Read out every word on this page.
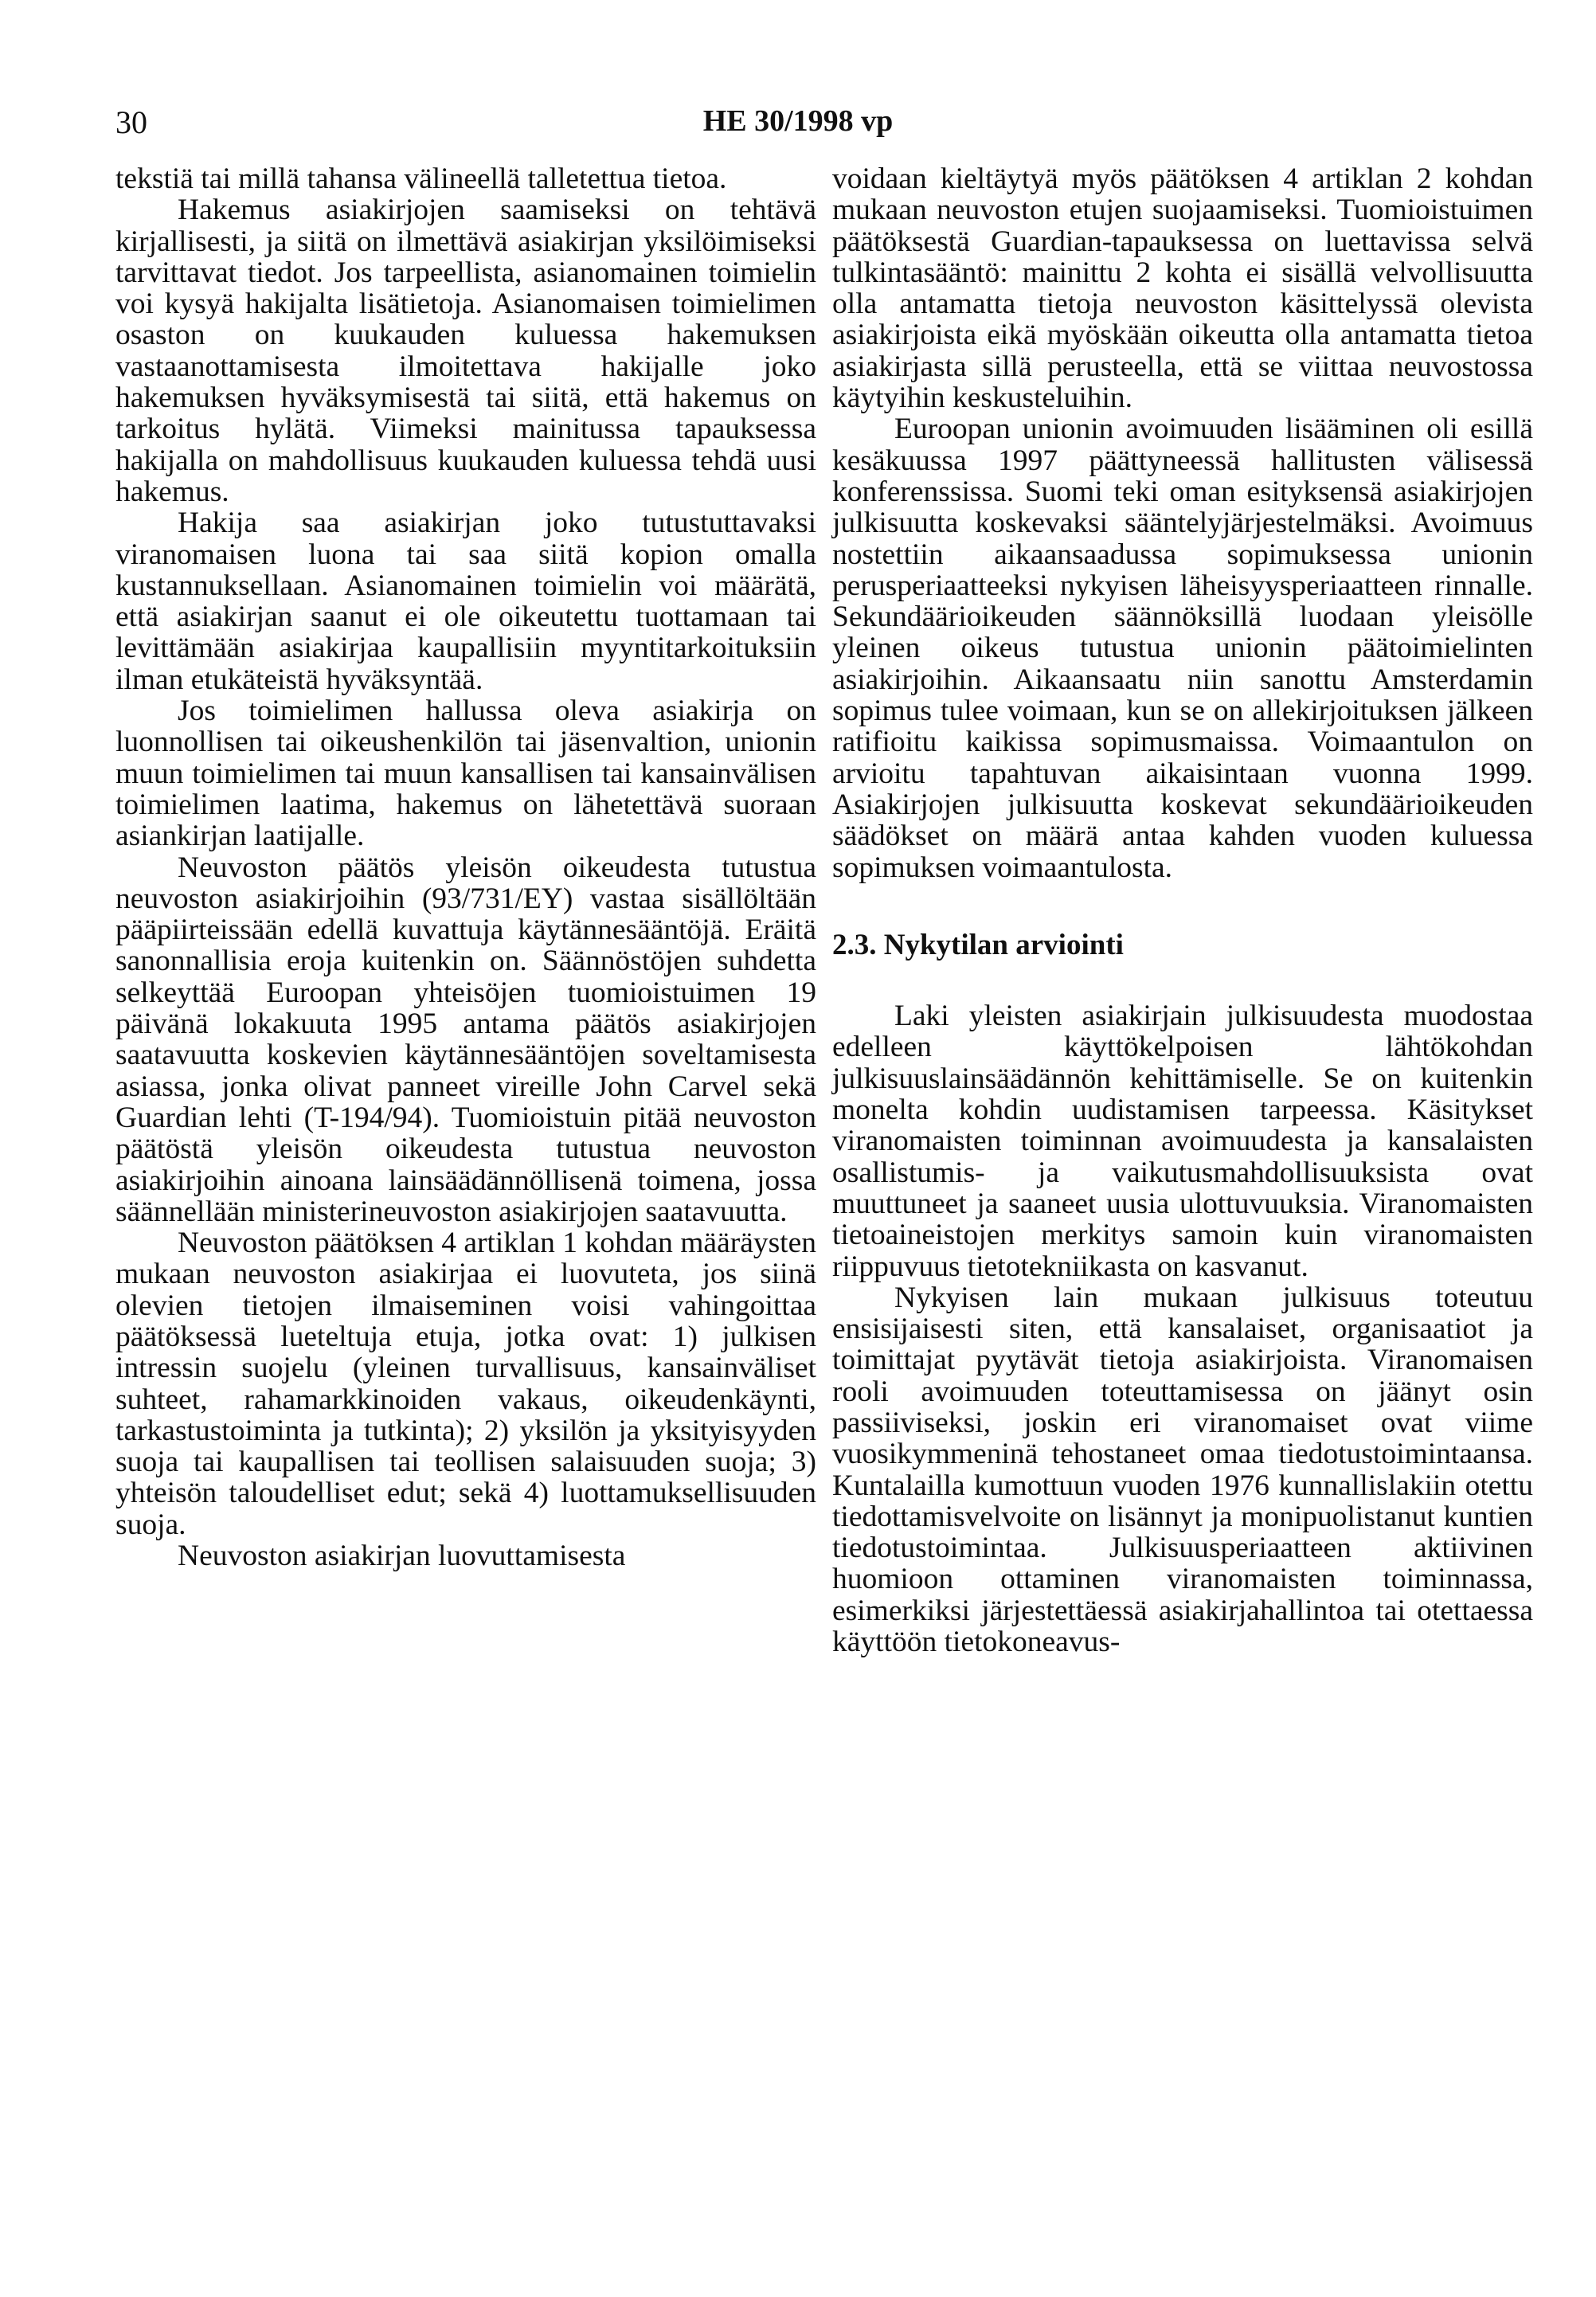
30	HE 30/1998 vp

tekstiä tai millä tahansa välineellä talletettua tietoa.

Hakemus asiakirjojen saamiseksi on tehtävä kirjallisesti, ja siitä on ilmettävä asiakirjan yksilöimiseksi tarvittavat tiedot. Jos tarpeellista, asianomainen toimielin voi kysyä hakijalta lisätietoja. Asianomaisen toimielimen osaston on kuukauden kuluessa hakemuksen vastaanottamisesta ilmoitettava hakijalle joko hakemuksen hyväksymisestä tai siitä, että hakemus on tarkoitus hylätä. Viimeksi mainitussa tapauksessa hakijalla on mahdollisuus kuukauden kuluessa tehdä uusi hakemus.

Hakija saa asiakirjan joko tutustuttavaksi viranomaisen luona tai saa siitä kopion omalla kustannuksellaan. Asianomainen toimielin voi määrätä, että asiakirjan saanut ei ole oikeutettu tuottamaan tai levittämään asiakirjaa kaupallisiin myyntitarkoituksiin ilman etukäteistä hyväksyntää.

Jos toimielimen hallussa oleva asiakirja on luonnollisen tai oikeushenkilön tai jäsenvaltion, unionin muun toimielimen tai muun kansallisen tai kansainvälisen toimielimen laatima, hakemus on lähetettävä suoraan asiankirjan laatijalle.

Neuvoston päätös yleisön oikeudesta tutustua neuvoston asiakirjoihin (93/731/EY) vastaa sisällöltään pääpiirteissään edellä kuvattuja käytännesääntöjä. Eräitä sanonnallisia eroja kuitenkin on. Säännöstöjen suhdetta selkeyttää Euroopan yhteisöjen tuomioistuimen 19 päivänä lokakuuta 1995 antama päätös asiakirjojen saatavuutta koskevien käytännesääntöjen soveltamisesta asiassa, jonka olivat panneet vireille John Carvel sekä Guardian lehti (T-194/94). Tuomioistuin pitää neuvoston päätöstä yleisön oikeudesta tutustua neuvoston asiakirjoihin ainoana lainsäädännöllisenä toimena, jossa säännellään ministerineuvoston asiakirjojen saatavuutta.

Neuvoston päätöksen 4 artiklan 1 kohdan määräysten mukaan neuvoston asiakirjaa ei luovuteta, jos siinä olevien tietojen ilmaiseminen voisi vahingoittaa päätöksessä lueteltuja etuja, jotka ovat: 1) julkisen intressin suojelu (yleinen turvallisuus, kansainväliset suhteet, rahamarkkinoiden vakaus, oikeudenkäynti, tarkastustoiminta ja tutkinta); 2) yksilön ja yksityisyyden suoja tai kaupallisen tai teollisen salaisuuden suoja; 3) yhteisön taloudelliset edut; sekä 4) luottamuksellisuuden suoja.

Neuvoston asiakirjan luovuttamisesta

voidaan kieltäytyä myös päätöksen 4 artiklan 2 kohdan mukaan neuvoston etujen suojaamiseksi. Tuomioistuimen päätöksestä Guardian-tapauksessa on luettavissa selvä tulkintasääntö: mainittu 2 kohta ei sisällä velvollisuutta olla antamatta tietoja neuvoston käsittelyssä olevista asiakirjoista eikä myöskään oikeutta olla antamatta tietoa asiakirjasta sillä perusteella, että se viittaa neuvostossa käytyihin keskusteluihin.

Euroopan unionin avoimuuden lisääminen oli esillä kesäkuussa 1997 päättyneessä hallitusten välisessä konferenssissa. Suomi teki oman esityksensä asiakirjojen julkisuutta koskevaksi sääntelyjärjestelmäksi. Avoimuus nostettiin aikaansaadussa sopimuksessa unionin perusperiaatteeksi nykyisen läheisyysperiaatteen rinnalle. Sekundäärioikeuden säännöksillä luodaan yleisölle yleinen oikeus tutustua unionin päätoimielinten asiakirjoihin. Aikaansaatu niin sanottu Amsterdamin sopimus tulee voimaan, kun se on allekirjoituksen jälkeen ratifioitu kaikissa sopimusmaissa. Voimaantulon on arvioitu tapahtuvan aikaisintaan vuonna 1999. Asiakirjojen julkisuutta koskevat sekundäärioikeuden säädökset on määrä antaa kahden vuoden kuluessa sopimuksen voimaantulosta.

2.3. Nykytilan arviointi

Laki yleisten asiakirjain julkisuudesta muodostaa edelleen käyttökelpoisen lähtökohdan julkisuuslainsäädännön kehittämiselle. Se on kuitenkin monelta kohdin uudistamisen tarpeessa. Käsitykset viranomaisten toiminnan avoimuudesta ja kansalaisten osallistumis- ja vaikutusmahdollisuuksista ovat muuttuneet ja saaneet uusia ulottuvuuksia. Viranomaisten tietoaineistojen merkitys samoin kuin viranomaisten riippuvuus tietotekniikasta on kasvanut.

Nykyisen lain mukaan julkisuus toteutuu ensisijaisesti siten, että kansalaiset, organisaatiot ja toimittajat pyytävät tietoja asiakirjoista. Viranomaisen rooli avoimuuden toteuttamisessa on jäänyt osin passiiviseksi, joskin eri viranomaiset ovat viime vuosikymmeninä tehostaneet omaa tiedotustoimintaansa. Kuntalailla kumottuun vuoden 1976 kunnallislakiin otettu tiedottamisvelvoite on lisännyt ja monipuolistanut kuntien tiedotustoimintaa. Julkisuusperiaatteen aktiivinen huomioon ottaminen viranomaisten toiminnassa, esimerkiksi järjestettäessä asiakirjahallintoa tai otettaessa käyttöön tietokoneavus-
